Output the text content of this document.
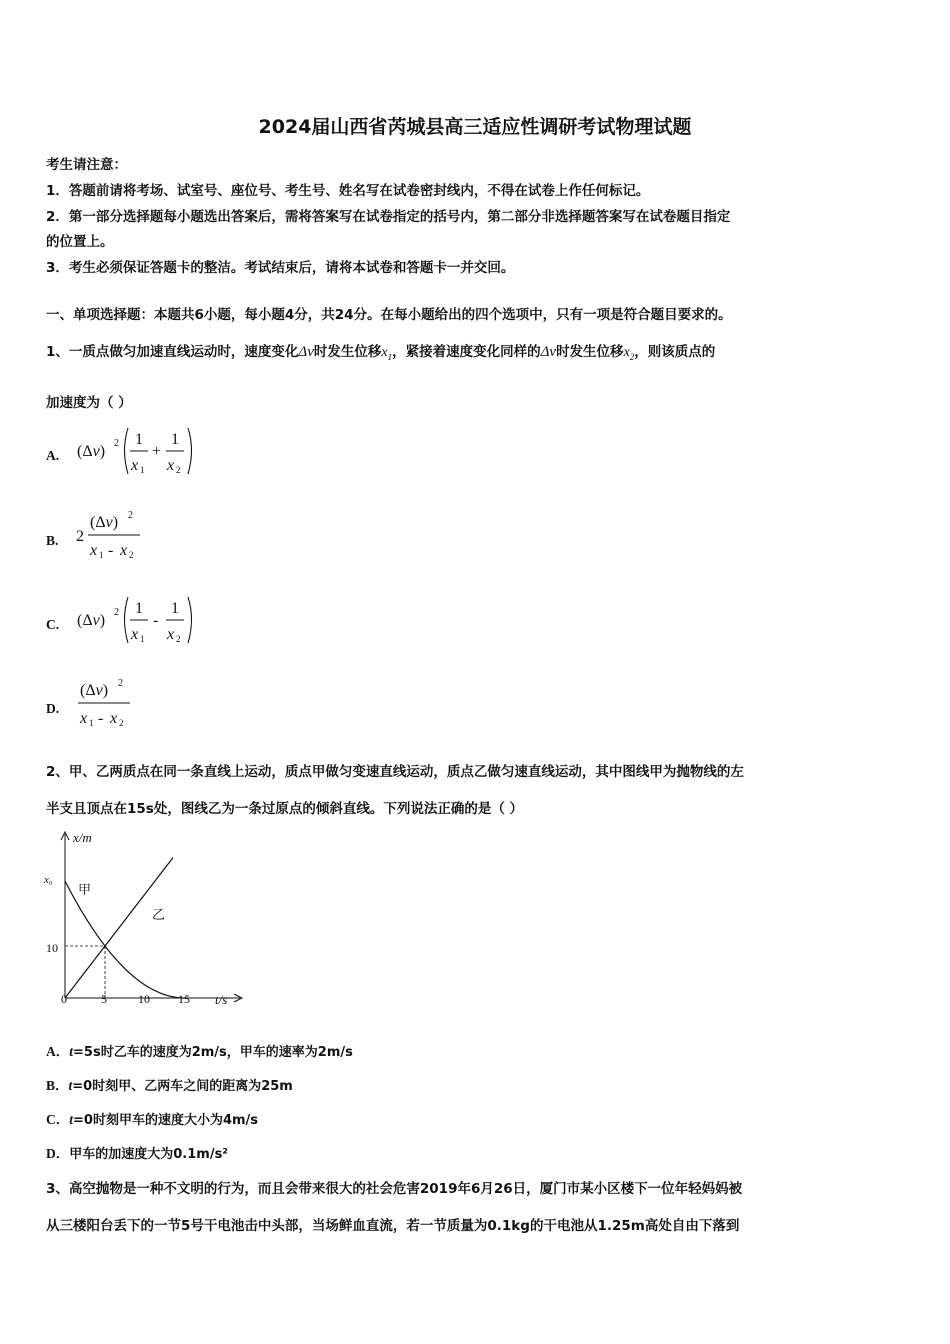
2024届山西省芮城县高三适应性调研考试物理试题
考生请注意：
1．答题前请将考场、试室号、座位号、考生号、姓名写在试卷密封线内，不得在试卷上作任何标记。
2．第一部分选择题每小题选出答案后，需将答案写在试卷指定的括号内，第二部分非选择题答案写在试卷题目指定
的位置上。
3．考生必须保证答题卡的整洁。考试结束后，请将本试卷和答题卡一并交回。
一、单项选择题：本题共6小题，每小题4分，共24分。在每小题给出的四个选项中，只有一项是符合题目要求的。
1、一质点做匀加速直线运动时，速度变化Δv时发生位移$x_1$，紧接着速度变化同样的Δv时发生位移$x_2$，则该质点的
加速度为（ ）
A. (Δv) 2 1
x 1
+
1
x 2
B. 2
(Δv) 2
x 1 - x 2
C. (Δv) 2 1
x 1
-
1
x 2
D.
(Δv) 2
x 1 - x 2
2、甲、乙两质点在同一条直线上运动，质点甲做匀变速直线运动，质点乙做匀速直线运动，其中图线甲为抛物线的左
半支且顶点在15s处，图线乙为一条过原点的倾斜直线。下列说法正确的是（ ）
x/m
t/s
x₀
10
0	5	10 15
甲
乙
A．t=5s时乙车的速度为2m/s，甲车的速率为2m/s
B．t=0时刻甲、乙两车之间的距离为25m
C．t=0时刻甲车的速度大小为4m/s
D．甲车的加速度大为0.1m/s²
3、高空抛物是一种不文明的行为，而且会带来很大的社会危害2019年6月26日，厦门市某小区楼下一位年轻妈妈被
从三楼阳台丢下的一节5号干电池击中头部，当场鲜血直流，若一节质量为0.1kg的干电池从1.25m高处自由下落到
